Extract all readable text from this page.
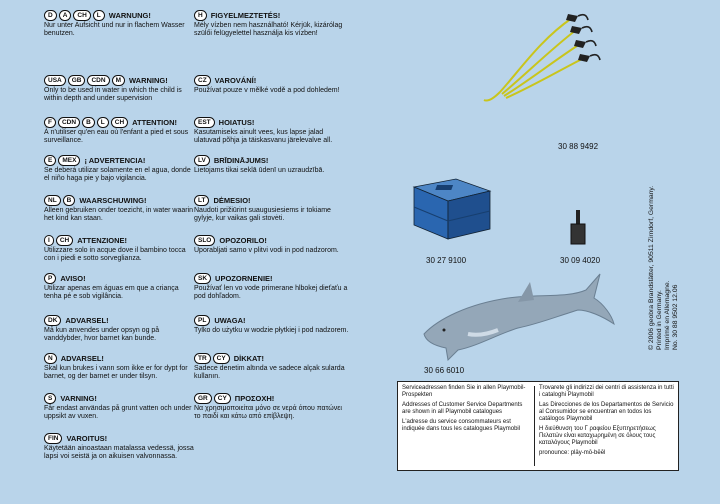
D	A	CH	L	WARNUNG!
Nur unter Aufsicht und nur in flachem Wasser benutzen.
USA	GB	CDN	M	WARNING!
Only to be used in water in which the child is within depth and under supervision
F	CDN	B	L	CH	ATTENTION!
À n'utiliser qu'en eau où l'enfant a pied et sous surveillance.
E	MEX	¡ ADVERTENCIA!
Se deberá utilizar solamente en el agua, donde el niño haga pie y bajo vigilancia.
NL	B	WAARSCHUWING!
Alleen gebruiken onder toezicht, in water waarin het kind kan staan.
I	CH	ATTENZIONE!
Utilizzare solo in acque dove il bambino tocca con i piedi e sotto sorveglianza.
P	AVISO!
Utilizar apenas em águas em que a criança tenha pé e sob vigilância.
DK	ADVARSEL!
Må kun anvendes under opsyn og på vanddybder, hvor barnet kan bunde.
N	ADVARSEL!
Skal kun brukes i vann som ikke er for dypt for barnet, og der barnet er under tilsyn.
S	VARNING!
Får endast användas på grunt vatten och under uppsikt av vuxen.
FIN	VAROITUS!
Käytetään ainoastaan matalassa vedessä, jossa lapsi voi seistä ja on aikuisen valvonnassa.
H	FIGYELMEZTETÉS!
Mély vízben nem használható! Kérjük, kizárólag szülői felügyelettel használja kis vízben!
CZ	VAROVÁNÍ!
Používat pouze v mělké vodě a pod dohledem!
EST	HOIATUS!
Kasutamiseks ainult vees, kus lapse jalad ulatuvad põhja ja täiskasvanu järelevalve all.
LV	BRĪDINĀJUMS!
Lietojams tikai seklā ūdenī un uzraudzībā.
LT	DĖMESIO!
Naudoti prižiūrint suaugusiesiems ir tokiame gylyje, kur vaikas gali stovėti.
SLO	OPOZORILO!
Uporabljati samo v plitvi vodi in pod nadzorom.
SK	UPOZORNENIE!
Používať len vo vode primerane hlbokej dieťaťu a pod dohľadom.
PL	UWAGA!
Tylko do użytku w wodzie płytkiej i pod nadzorem.
TR	CY	DİKKAT!
Sadece denetim altında ve sadece alçak sularda kullanın.
GR	CY	ΠΡΟΣΟΧΗ!
Να χρησιμοποιείται μόνο σε νερά όπου πατώνει το παιδί και κάτω από επίβλεψη.
30 88 9492
30 27 9100	30 09 4020
30 66 6010
© 2006 geobra Brandstätter, 90511 Zirndorf, Germany. Printed in Germany. Imprimé en Allemagne. No. 30 88 9502 12.06

Serviceadressen finden Sie in allen Playmobil-Prospekten

Addresses of Customer Service Departments are shown in all Playmobil catalogues

L'adresse du service consommateurs est indiquée dans tous les catalogues Playmobil

Trovarete gli indirizzi dei centri di assistenza in tutti i cataloghi Playmobil

Las Direcciones de los Departamentos de Servicio al Consumidor se encuentran en todos los catálogos Playmobil

Η διεύθυνση του Γ ραφείου Εξυπηρετήσεως Πελατών είναι καταχωρημένη σε όλους τους καταλόγους Playmobil

pronounce: pläy-mō-bēēl
